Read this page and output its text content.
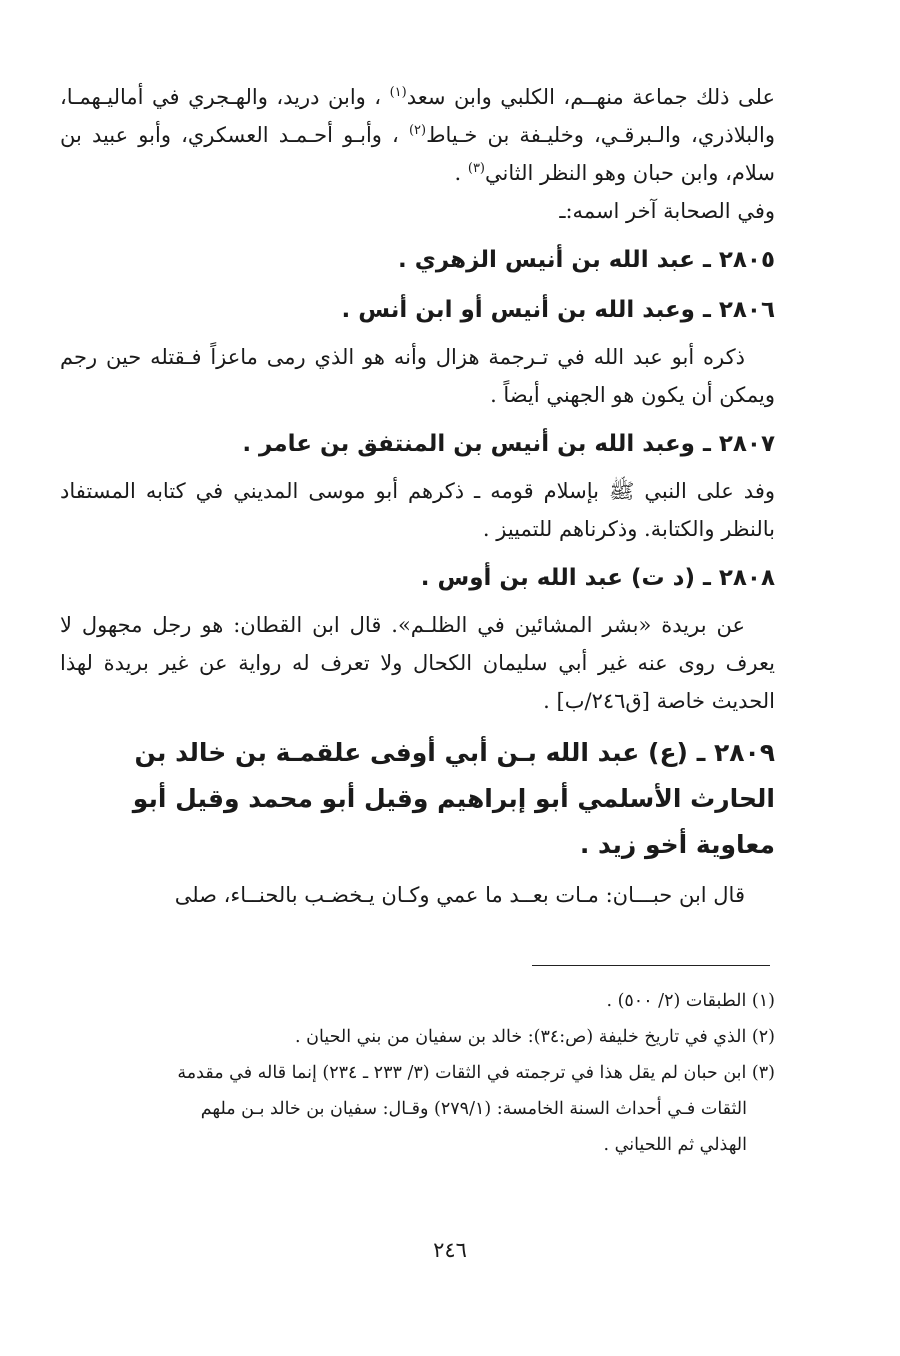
على ذلك جماعة منهــم، الكلبي وابن سعد$^{(١)}$ ، وابن دريد، والهـجري في أماليـهمـا، والبلاذري، والـبرقـي، وخليـفة بن خـياط$^{(٢)}$ ، وأبـو أحـمـد العسكري، وأبو عبيد بن سلام، وابن حبان وهو النظر الثاني$^{(٣)}$ .

وفي الصحابة آخر اسمه:ـ

٢٨٠٥ ـ عبد الله بن أنيس الزهري .
٢٨٠٦ ـ وعبد الله بن أنيس أو ابن أنس .

ذكره أبو عبد الله في تـرجمة هزال وأنه هو الذي رمى ماعزاً فـقتله حين رجم ويمكن أن يكون هو الجهني أيضاً .

٢٨٠٧ ـ وعبد الله بن أنيس بن المنتفق بن عامر .

وفد على النبي ﷺ بإسلام قومه ـ ذكرهم أبو موسى المديني في كتابه المستفاد بالنظر والكتابة. وذكرناهم للتمييز .

٢٨٠٨ ـ (د ت) عبد الله بن أوس .

عن بريدة «بشر المشائين في الظلـم». قال ابن القطان: هو رجل مجهول لا يعرف روى عنه غير أبي سليمان الكحال ولا تعرف له رواية عن غير بريدة لهذا الحديث خاصة [ق٢٤٦/ب] .

٢٨٠٩ ـ (ع) عبد الله بـن أبي أوفى علقمـة بن خالد بن الحارث الأسلمي أبو إبراهيم وقيل أبو محمد وقيل أبو معاوية أخو زيد .

قال ابن حبـــان: مـات بعــد ما عمي وكـان يـخضـب بالحنــاء، صلى

(١) الطبقات (٢/ ٥٠٠) .

(٢) الذي في تاريخ خليفة (ص:٣٤): خالد بن سفيان من بني الحيان .

(٣) ابن حبان لم يقل هذا في ترجمته في الثقات (٣/ ٢٣٣ ـ ٢٣٤) إنما قاله في مقدمة

الثقات فـي أحداث السنة الخامسة: (٢٧٩/١) وقـال: سفيان بن خالد بـن ملهم

الهذلي ثم اللحياني .

٢٤٦
